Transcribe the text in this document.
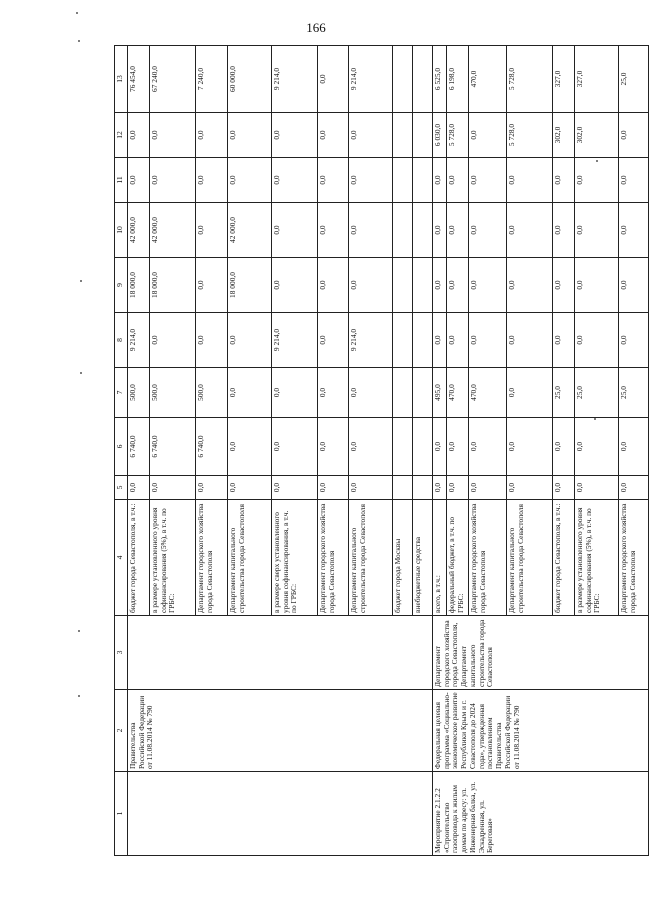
166
1	2	3	4	5	6	7	8	9	10	11	12	13
	Правительства Российской Федерации от 11.08.2014 № 790		бюджет города Севастополя, в т.ч.:	0,0	6 740,0	500,0	9 214,0	18 000,0	42 000,0	0,0	0,0	76 454,0
			в размере установленного уровня софинансирования (5%), в т.ч. по ГРБС:	0,0	6 740,0	500,0	0,0	18 000,0	42 000,0	0,0	0,0	67 240,0
			Департамент городского хозяйства города Севастополя	0,0	6 740,0	500,0	0,0	0,0	0,0	0,0	0,0	7 240,0
			Департамент капитального строительства города Севастополя	0,0	0,0	0,0	0,0	18 000,0	42 000,0	0,0	0,0	60 000,0
			в размере сверх установленного уровня софинансирования, в т.ч. по ГРБС:	0,0	0,0	0,0	9 214,0	0,0	0,0	0,0	0,0	9 214,0
			Департамент городского хозяйства города Севастополя	0,0	0,0	0,0	0,0	0,0	0,0	0,0	0,0	0,0
			Департамент капитального строительства города Севастополя	0,0	0,0	0,0	9 214,0	0,0	0,0	0,0	0,0	9 214,0
			бюджет города Москвы									
			внебюджетные средства									
Мероприятие 2.1.2.2 «Строительство газопровода к жилым домам по адресу: ул. Инженерная балка, ул. Эскадренная, ул. Береговая»	Федеральная целевая программа «Социально-экономическое развитие Республики Крым и г. Севастополя до 2024 года», утвержденная постановлением Правительства Российской Федерации от 11.08.2014 № 790	Департамент городского хозяйства города Севастополя, Департамент капитального строительства города Севастополя	всего, в т.ч.:	0,0	0,0	495,0	0,0	0,0	0,0	0,0	6 030,0	6 525,0
			федеральный бюджет, в т.ч. по ГРБС:	0,0	0,0	470,0	0,0	0,0	0,0	0,0	5 728,0	6 198,0
			Департамент городского хозяйства города Севастополя	0,0	0,0	470,0	0,0	0,0	0,0	0,0	0,0	470,0
			Департамент капитального строительства города Севастополя	0,0	0,0	0,0	0,0	0,0	0,0	0,0	5 728,0	5 728,0
			бюджет города Севастополя, в т.ч.:	0,0	0,0	25,0	0,0	0,0	0,0	0,0	302,0	327,0
			в размере установленного уровня софинансирования (5%), в т.ч. по ГРБС:	0,0	0,0	25,0	0,0	0,0	0,0	0,0	302,0	327,0
			Департамент городского хозяйства города Севастополя	0,0	0,0	25,0	0,0	0,0	0,0	0,0	0,0	25,0
